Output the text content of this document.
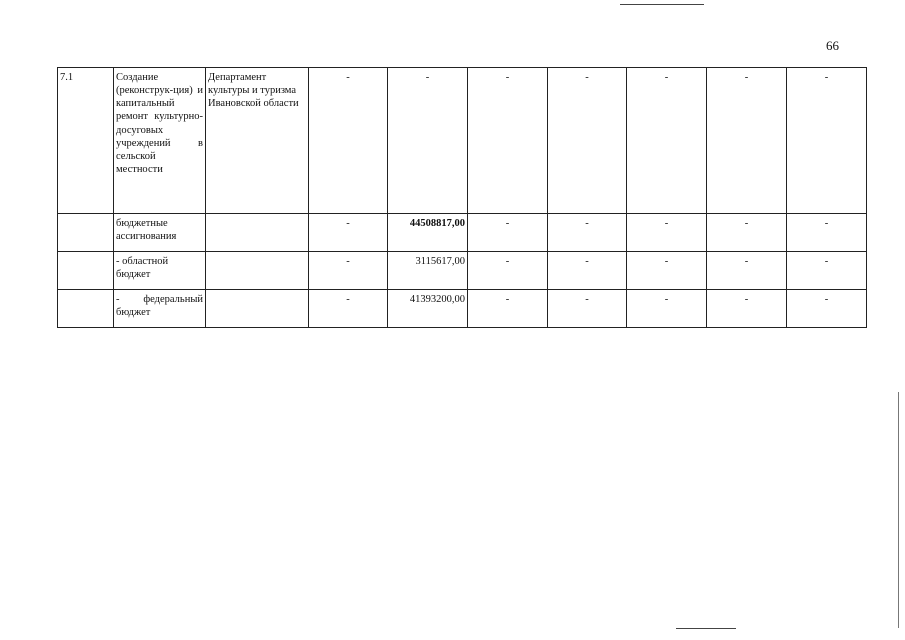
66
7.1	Создание (реконструк-ция) и капитальный ремонт культурно-досуговых учреждений в сельской местности	Департамент культуры и туризма Ивановской области	-	-	-	-	-	-	-
	бюджетные ассигнования		-	44508817,00	-	-	-	-	-
	- областной бюджет		-	3115617,00	-	-	-	-	-
	- федеральный бюджет		-	41393200,00	-	-	-	-	-
